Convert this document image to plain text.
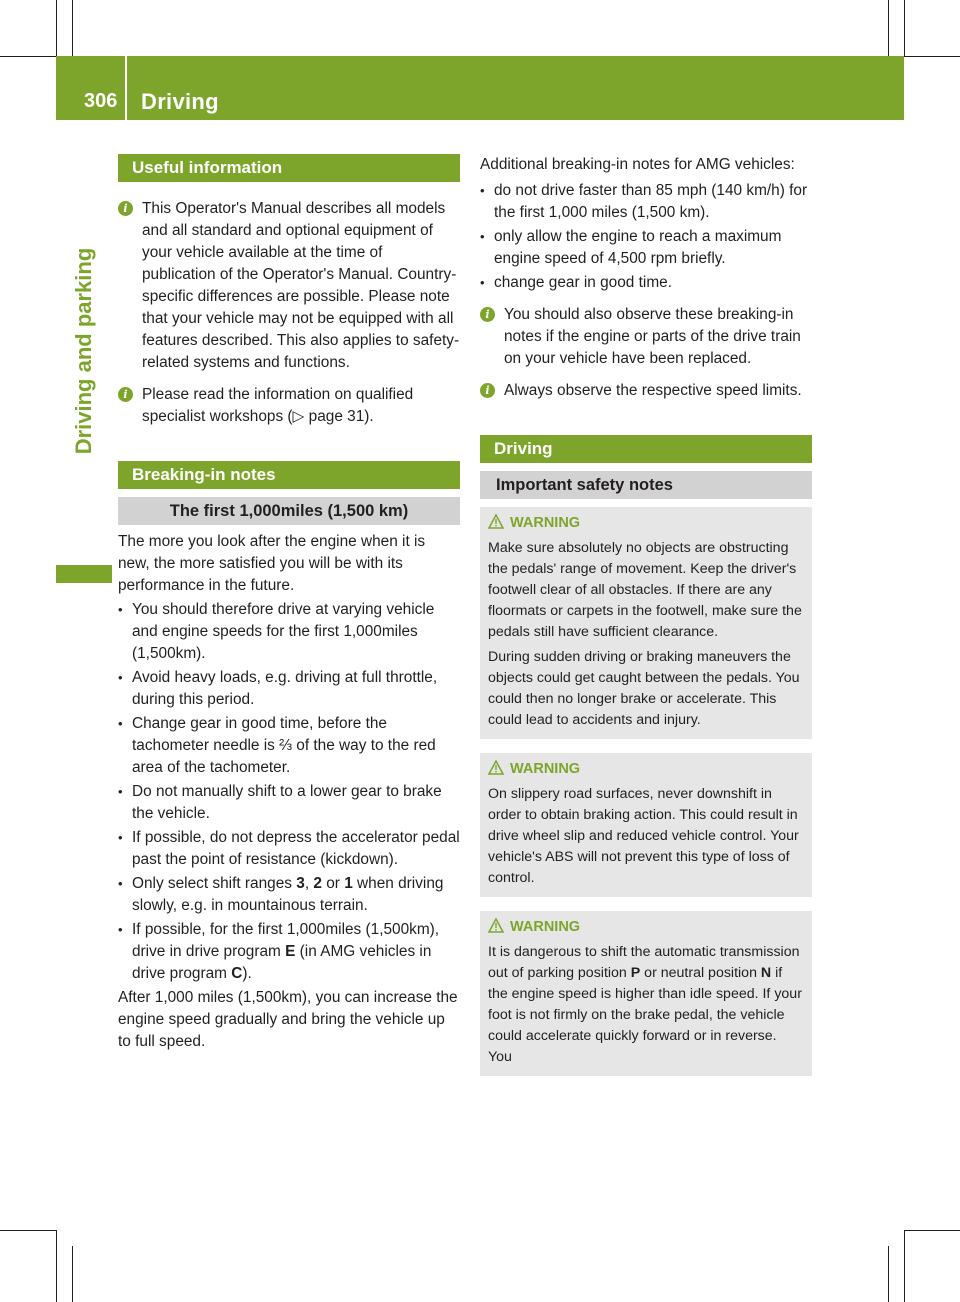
306 Driving
Driving and parking
Useful information
i This Operator's Manual describes all models and all standard and optional equipment of your vehicle available at the time of publication of the Operator's Manual. Country-specific differences are possible. Please note that your vehicle may not be equipped with all features described. This also applies to safety-related systems and functions.

i Please read the information on qualified specialist workshops (▷ page 31).

Breaking-in notes
The first 1,000miles (1,500 km)

The more you look after the engine when it is new, the more satisfied you will be with its performance in the future.

• You should therefore drive at varying vehicle and engine speeds for the first 1,000miles (1,500km).
• Avoid heavy loads, e.g. driving at full throttle, during this period.
• Change gear in good time, before the tachometer needle is ⅔ of the way to the red area of the tachometer.
• Do not manually shift to a lower gear to brake the vehicle.
• If possible, do not depress the accelerator pedal past the point of resistance (kickdown).
• Only select shift ranges 3, 2 or 1 when driving slowly, e.g. in mountainous terrain.
• If possible, for the first 1,000miles (1,500km), drive in drive program E (in AMG vehicles in drive program C).

After 1,000 miles (1,500km), you can increase the engine speed gradually and bring the vehicle up to full speed.

Additional breaking-in notes for AMG vehicles:

• do not drive faster than 85 mph (140 km/h) for the first 1,000 miles (1,500 km).
• only allow the engine to reach a maximum engine speed of 4,500 rpm briefly.
• change gear in good time.
i You should also observe these breaking-in notes if the engine or parts of the drive train on your vehicle have been replaced.

i Always observe the respective speed limits.

Driving
Important safety notes
WARNING

Make sure absolutely no objects are obstructing the pedals' range of movement. Keep the driver's footwell clear of all obstacles. If there are any floormats or carpets in the footwell, make sure the pedals still have sufficient clearance.

During sudden driving or braking maneuvers the objects could get caught between the pedals. You could then no longer brake or accelerate. This could lead to accidents and injury.

WARNING

On slippery road surfaces, never downshift in order to obtain braking action. This could result in drive wheel slip and reduced vehicle control. Your vehicle's ABS will not prevent this type of loss of control.

WARNING

It is dangerous to shift the automatic transmission out of parking position P or neutral position N if the engine speed is higher than idle speed. If your foot is not firmly on the brake pedal, the vehicle could accelerate quickly forward or in reverse. You
